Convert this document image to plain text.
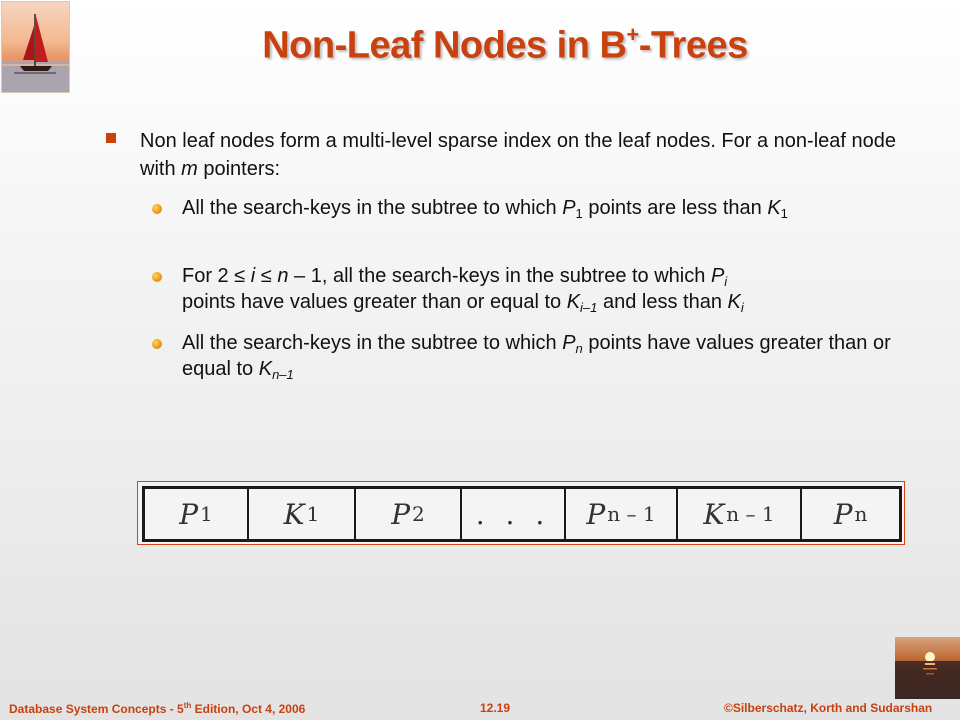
Non-Leaf Nodes in B+-Trees
Non leaf nodes form a multi-level sparse index on the leaf nodes. For a non-leaf node with m pointers:
All the search-keys in the subtree to which $P_1$ points are less than $K_1$
For 2 ≤ i ≤ n – 1, all the search-keys in the subtree to which $P_i$
points have values greater than or equal to $K_{i-1}$ and less than $K_i$
All the search-keys in the subtree to which $P_n$ points have values greater than or equal to $K_{n-1}$
P 1	K 1	P 2 . . . P n – 1 K n – 1 P n
Database System Concepts - 5th Edition, Oct 4, 2006	12.19	©Silberschatz, Korth and Sudarshan
